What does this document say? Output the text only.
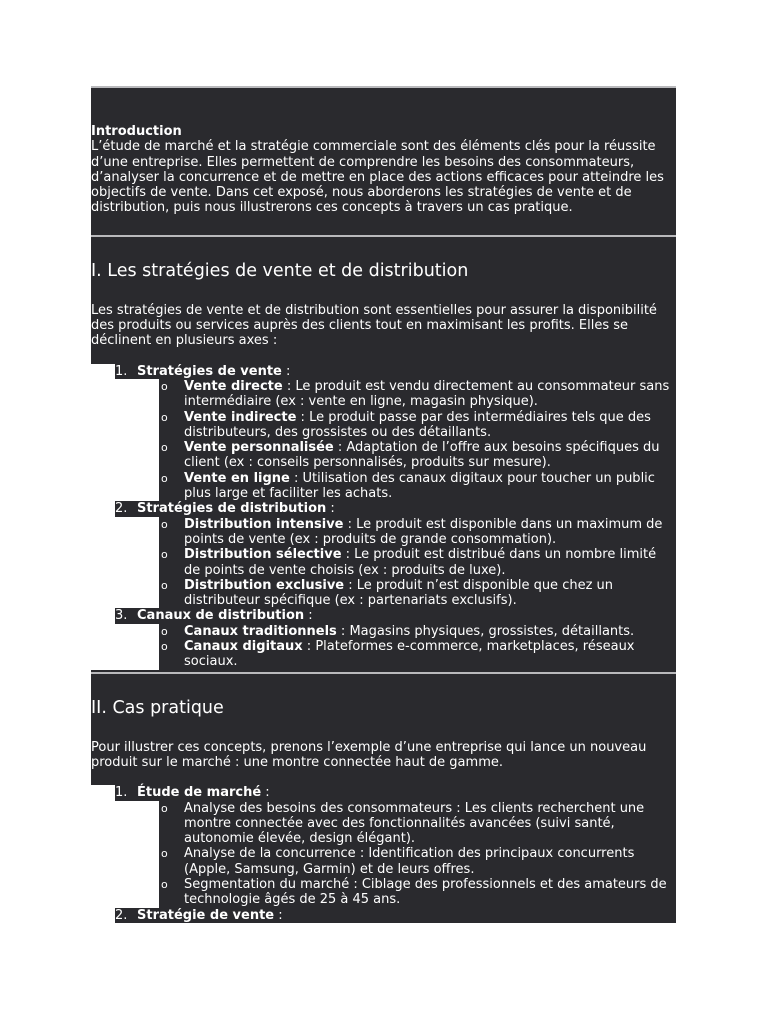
Introduction
L’étude de marché et la stratégie commerciale sont des éléments clés pour la réussite d’une entreprise. Elles permettent de comprendre les besoins des consommateurs, d’analyser la concurrence et de mettre en place des actions efficaces pour atteindre les objectifs de vente. Dans cet exposé, nous aborderons les stratégies de vente et de distribution, puis nous illustrerons ces concepts à travers un cas pratique.
I. Les stratégies de vente et de distribution

Les stratégies de vente et de distribution sont essentielles pour assurer la disponibilité des produits ou services auprès des clients tout en maximisant les profits. Elles se déclinent en plusieurs axes :

1. Stratégies de vente :
o Vente directe : Le produit est vendu directement au consommateur sans intermédiaire (ex : vente en ligne, magasin physique).
o Vente indirecte : Le produit passe par des intermédiaires tels que des distributeurs, des grossistes ou des détaillants.
o Vente personnalisée : Adaptation de l’offre aux besoins spécifiques du client (ex : conseils personnalisés, produits sur mesure).
o Vente en ligne : Utilisation des canaux digitaux pour toucher un public plus large et faciliter les achats.
2. Stratégies de distribution :
o Distribution intensive : Le produit est disponible dans un maximum de points de vente (ex : produits de grande consommation).
o Distribution sélective : Le produit est distribué dans un nombre limité de points de vente choisis (ex : produits de luxe).
o Distribution exclusive : Le produit n’est disponible que chez un distributeur spécifique (ex : partenariats exclusifs).
3. Canaux de distribution :
o Canaux traditionnels : Magasins physiques, grossistes, détaillants.
o Canaux digitaux : Plateformes e-commerce, marketplaces, réseaux sociaux.
II. Cas pratique

Pour illustrer ces concepts, prenons l’exemple d’une entreprise qui lance un nouveau produit sur le marché : une montre connectée haut de gamme.

1. Étude de marché :
o Analyse des besoins des consommateurs : Les clients recherchent une montre connectée avec des fonctionnalités avancées (suivi santé, autonomie élevée, design élégant).
o Analyse de la concurrence : Identification des principaux concurrents (Apple, Samsung, Garmin) et de leurs offres.
o Segmentation du marché : Ciblage des professionnels et des amateurs de technologie âgés de 25 à 45 ans.
2. Stratégie de vente :
